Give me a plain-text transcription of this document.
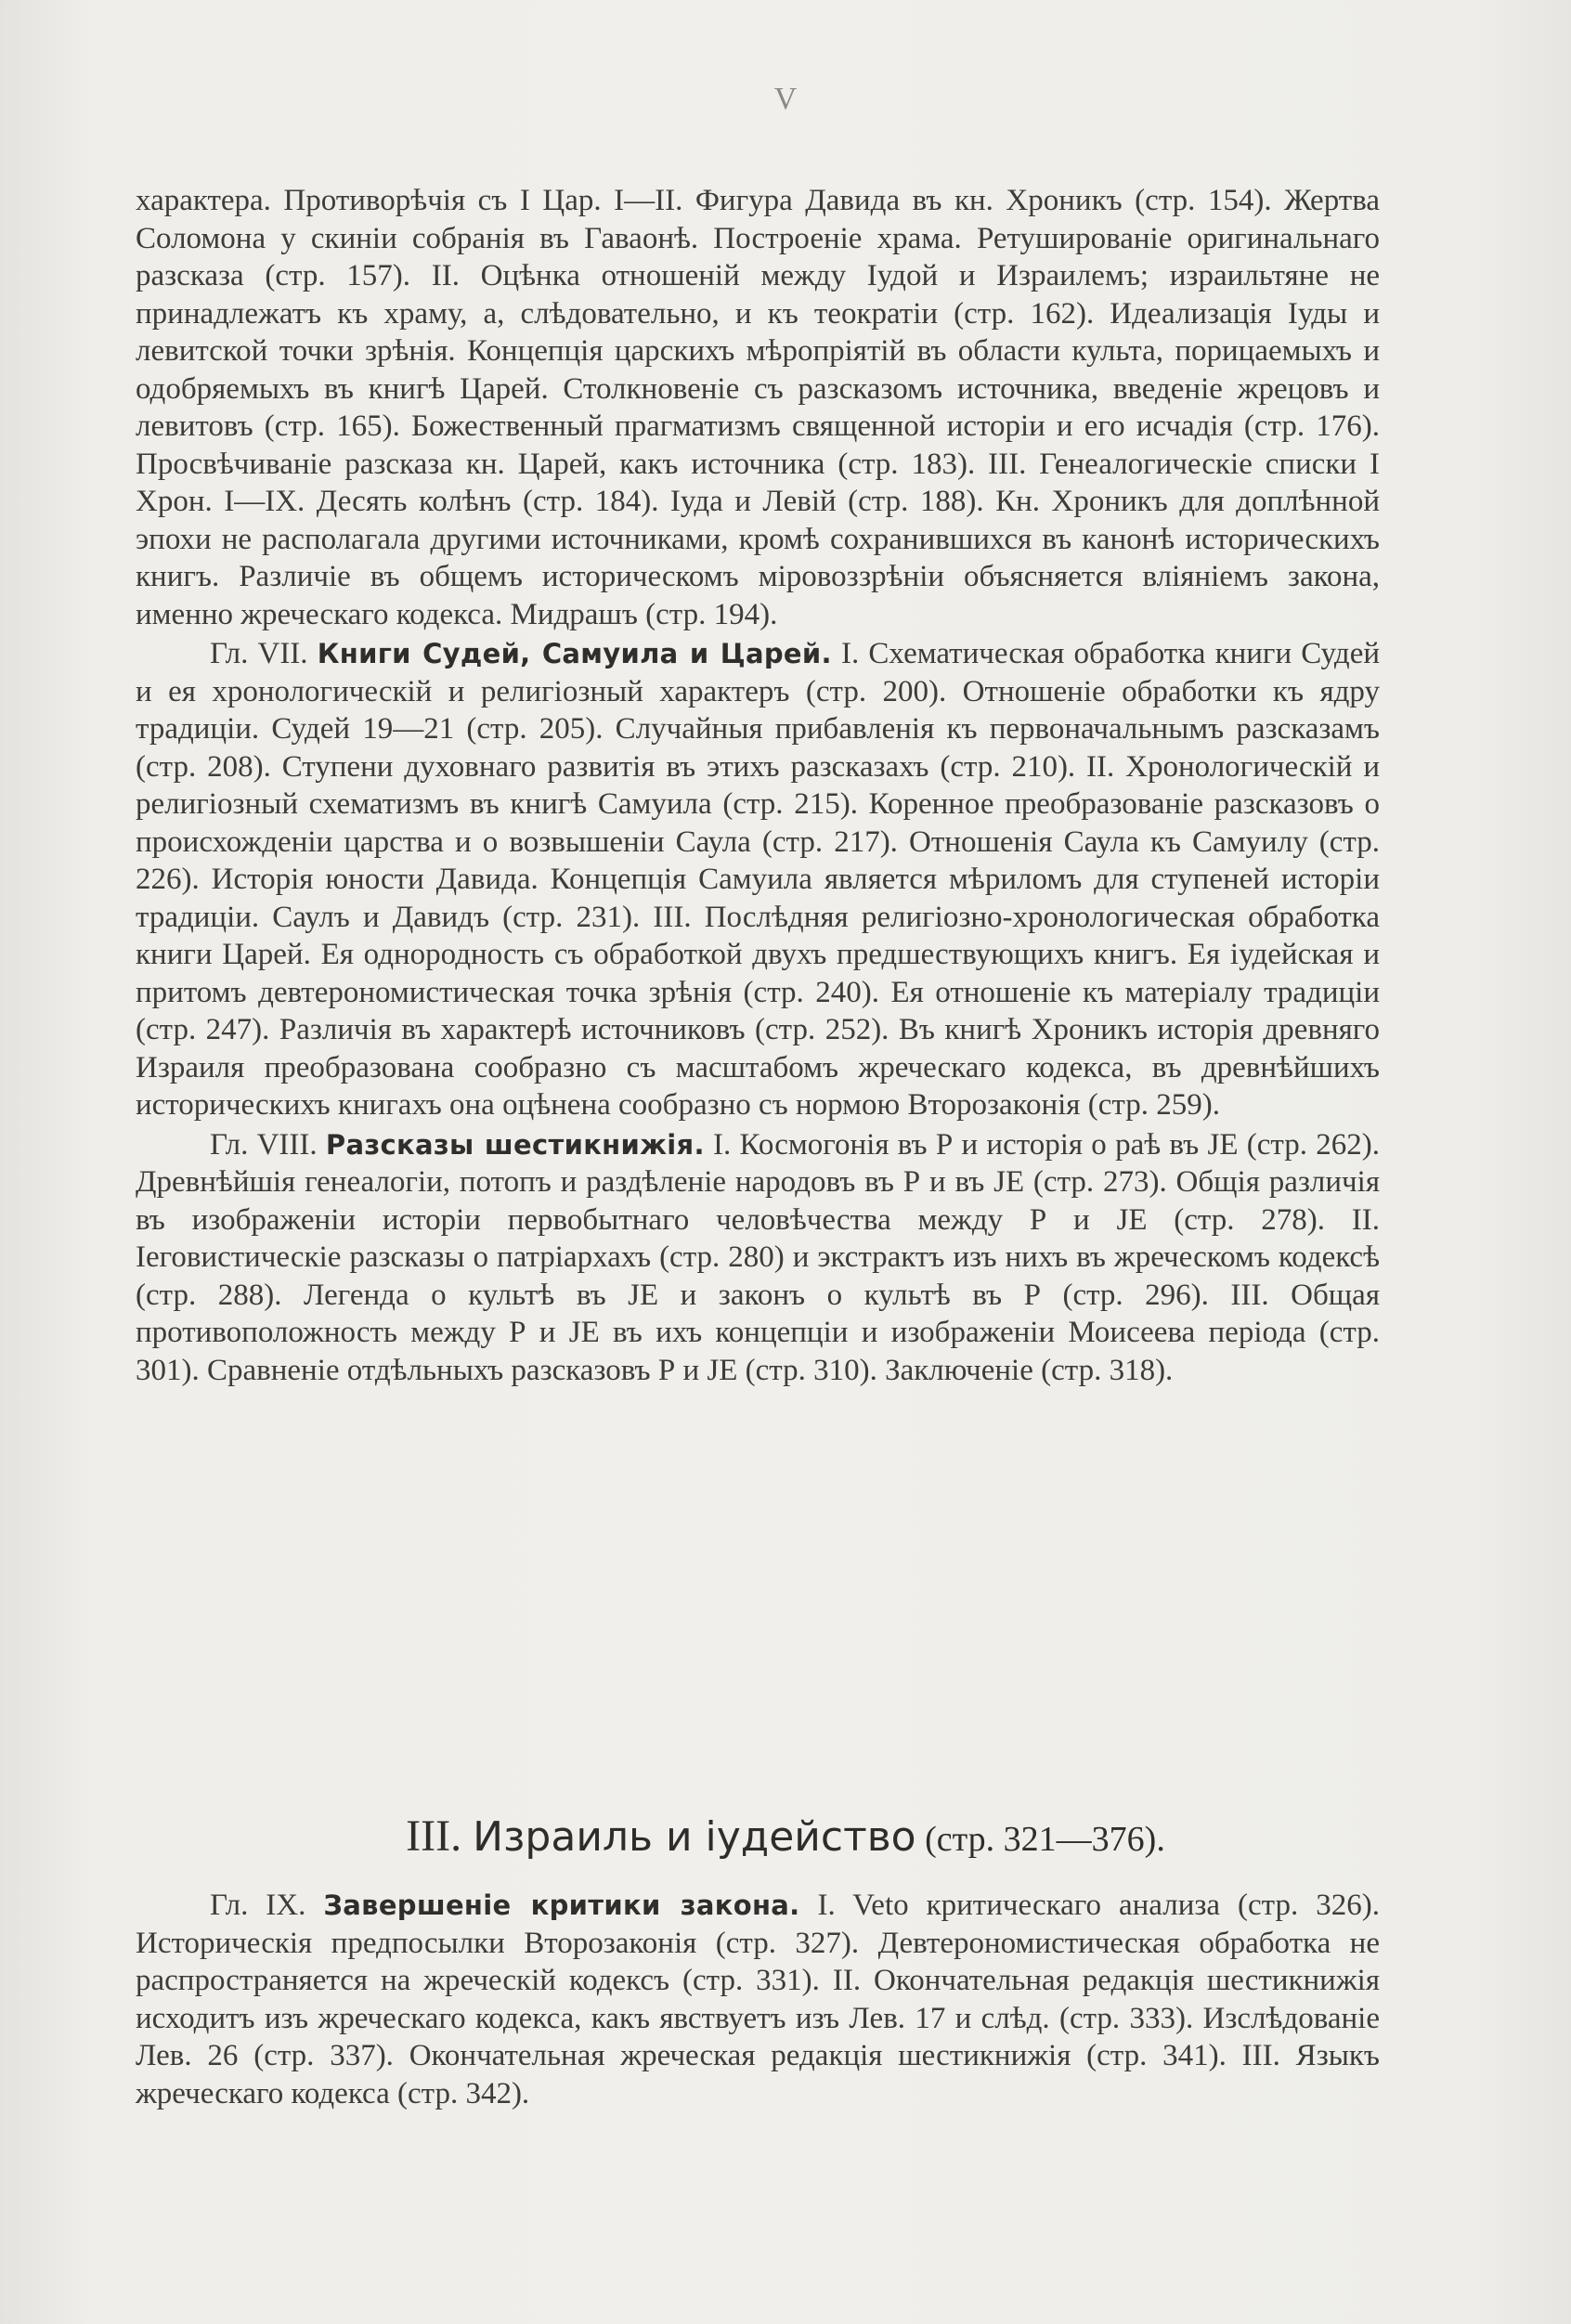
V

характера. Противорѣчія съ I Цар. I—II. Фигура Давида въ кн. Хроникъ (стр. 154). Жертва Соломона у скиніи собранія въ Гаваонѣ. Построеніе храма. Ретушированіе оригинальнаго разсказа (стр. 157). II. Оцѣнка отношеній между Іудой и Израилемъ; израильтяне не принадлежатъ къ храму, а, слѣдовательно, и къ теократіи (стр. 162). Идеализація Іуды и левитской точки зрѣнія. Концепція царскихъ мѣропріятій въ области культа, порицаемыхъ и одобряемыхъ въ книгѣ Царей. Столкновеніе съ разсказомъ источника, введеніе жрецовъ и левитовъ (стр. 165). Божественный прагматизмъ священной исторіи и его исчадія (стр. 176). Просвѣчиваніе разсказа кн. Царей, какъ источника (стр. 183). III. Генеалогическіе списки I Хрон. I—IX. Десять колѣнъ (стр. 184). Іуда и Левій (стр. 188). Кн. Хроникъ для доплѣнной эпохи не располагала другими источниками, кромѣ сохранившихся въ канонѣ историческихъ книгъ. Различіе въ общемъ историческомъ міровоззрѣніи объясняется вліяніемъ закона, именно жреческаго кодекса. Мидрашъ (стр. 194).

Гл. VII. Книги Судей, Самуила и Царей. I. Схематическая обработка книги Судей и ея хронологическій и религіозный характеръ (стр. 200). Отношеніе обработки къ ядру традиціи. Судей 19—21 (стр. 205). Случайныя прибавленія къ первоначальнымъ разсказамъ (стр. 208). Ступени духовнаго развитія въ этихъ разсказахъ (стр. 210). II. Хронологическій и религіозный схематизмъ въ книгѣ Самуила (стр. 215). Коренное преобразованіе разсказовъ о происхожденіи царства и о возвышеніи Саула (стр. 217). Отношенія Саула къ Самуилу (стр. 226). Исторія юности Давида. Концепція Самуила является мѣриломъ для ступеней исторіи традиціи. Саулъ и Давидъ (стр. 231). III. Послѣдняя религіозно-хронологическая обработка книги Царей. Ея однородность съ обработкой двухъ предшествующихъ книгъ. Ея іудейская и притомъ девтерономистическая точка зрѣнія (стр. 240). Ея отношеніе къ матеріалу традиціи (стр. 247). Различія въ характерѣ источниковъ (стр. 252). Въ книгѣ Хроникъ исторія древняго Израиля преобразована сообразно съ масштабомъ жреческаго кодекса, въ древнѣйшихъ историческихъ книгахъ она оцѣнена сообразно съ нормою Второзаконія (стр. 259).

Гл. VIII. Разсказы шестикнижія. I. Космогонія въ Р и исторія о раѣ въ JE (стр. 262). Древнѣйшія генеалогіи, потопъ и раздѣленіе народовъ въ Р и въ JE (стр. 273). Общія различія въ изображеніи исторіи первобытнаго человѣчества между Р и JE (стр. 278). II. Іеговистическіе разсказы о патріархахъ (стр. 280) и экстрактъ изъ нихъ въ жреческомъ кодексѣ (стр. 288). Легенда о культѣ въ JE и законъ о культѣ въ Р (стр. 296). III. Общая противоположность между Р и JE въ ихъ концепціи и изображеніи Моисеева періода (стр. 301). Сравненіе отдѣльныхъ разсказовъ Р и JE (стр. 310). Заключеніе (стр. 318).

III. Израиль и іудейство (стр. 321—376).

Гл. IX. Завершеніе критики закона. I. Veto критическаго анализа (стр. 326). Историческія предпосылки Второзаконія (стр. 327). Девтерономистическая обработка не распространяется на жреческій кодексъ (стр. 331). II. Окончательная редакція шестикнижія исходитъ изъ жреческаго кодекса, какъ явствуетъ изъ Лев. 17 и слѣд. (стр. 333). Изслѣдованіе Лев. 26 (стр. 337). Окончательная жреческая редакція шестикнижія (стр. 341). III. Языкъ жреческаго кодекса (стр. 342).
